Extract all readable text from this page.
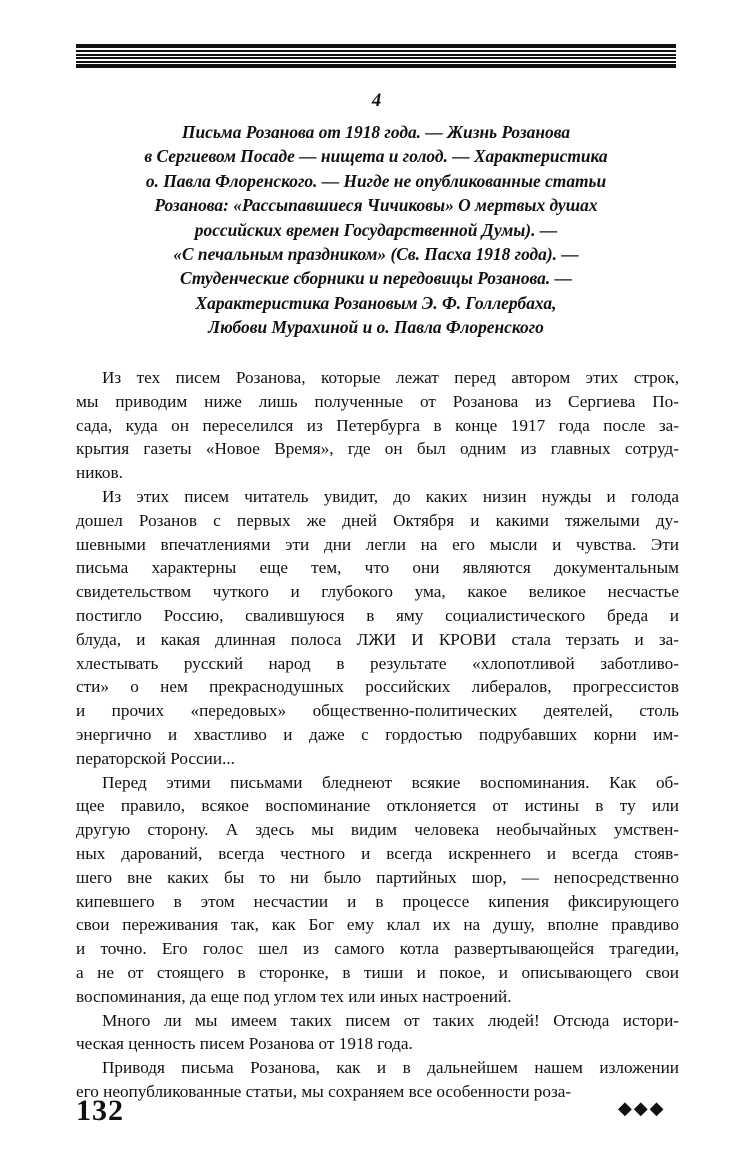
4
Письма Розанова от 1918 года. — Жизнь Розанова
в Сергиевом Посаде — нищета и голод. — Характеристика
о. Павла Флоренского. — Нигде не опубликованные статьи
Розанова: «Рассыпавшиеся Чичиковы» О мертвых душах
российских времен Государственной Думы). —
«С печальным праздником» (Св. Пасха 1918 года). —
Студенческие сборники и передовицы Розанова. —
Характеристика Розановым Э. Ф. Голлербаха,
Любови Мурахиной и о. Павла Флоренского
Из тех писем Розанова, которые лежат перед автором этих строк,
мы приводим ниже лишь полученные от Розанова из Сергиева По-
сада, куда он переселился из Петербурга в конце 1917 года после за-
крытия газеты «Новое Время», где он был одним из главных сотруд-
ников.
Из этих писем читатель увидит, до каких низин нужды и голода
дошел Розанов с первых же дней Октября и какими тяжелыми ду-
шевными впечатлениями эти дни легли на его мысли и чувства. Эти
письма характерны еще тем, что они являются документальным
свидетельством чуткого и глубокого ума, какое великое несчастье
постигло Россию, свалившуюся в яму социалистического бреда и
блуда, и какая длинная полоса ЛЖИ И КРОВИ стала терзать и за-
хлестывать русский народ в результате «хлопотливой заботливо-
сти» о нем прекраснодушных российских либералов, прогрессистов
и прочих «передовых» общественно-политических деятелей, столь
энергично и хвастливо и даже с гордостью подрубавших корни им-
ператорской России...
Перед этими письмами бледнеют всякие воспоминания. Как об-
щее правило, всякое воспоминание отклоняется от истины в ту или
другую сторону. А здесь мы видим человека необычайных умствен-
ных дарований, всегда честного и всегда искреннего и всегда стояв-
шего вне каких бы то ни было партийных шор, — непосредственно
кипевшего в этом несчастии и в процессе кипения фиксирующего
свои переживания так, как Бог ему клал их на душу, вполне правдиво
и точно. Его голос шел из самого котла развертывающейся трагедии,
а не от стоящего в сторонке, в тиши и покое, и описывающего свои
воспоминания, да еще под углом тех или иных настроений.
Много ли мы имеем таких писем от таких людей! Отсюда истори-
ческая ценность писем Розанова от 1918 года.
Приводя письма Розанова, как и в дальнейшем нашем изложении
его неопубликованные статьи, мы сохраняем все особенности роза-
132	◆◆◆
